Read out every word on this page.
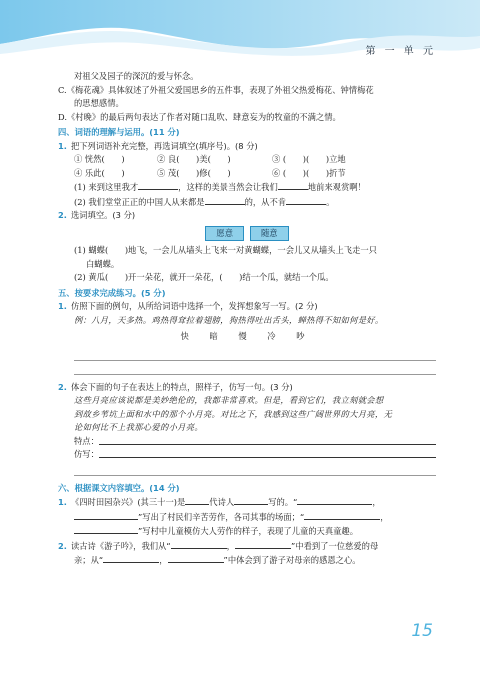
第 一 单 元
对祖父及园子的深沉的爱与怀念。
C.《梅花魂》具体叙述了外祖父爱国思乡的五件事，表现了外祖父热爱梅花、钟情梅花
的思想感情。
D.《村晚》的最后两句表达了作者对随口乱吹、肆意妄为的牧童的不满之情。
四、词语的理解与运用。(11 分)
1. 把下列词语补充完整，再选词填空(填序号)。(8 分)
① 恍然(　　)	② 良(　　)美(　　)	③ (　　)(　　)立地
④ 乐此(　　)	⑤ 茂(　　)修(　　)	⑥ (　　)(　　)折节
(1) 来到这里我才	，这样的美景当然会让我们	地前来观赏啊！
(2) 我们堂堂正正的中国人从来都是	的，从不肯	。
2. 选词填空。(3 分)
愿意	随意
(1) 蝴蝶(　　)地飞，一会儿从墙头上飞来一对黄蝴蝶，一会儿又从墙头上飞走一只
白蝴蝶。
(2) 黄瓜(　　)开一朵花，就开一朵花，(　　)结一个瓜，就结一个瓜。
五、按要求完成练习。(5 分)
1. 仿照下面的例句，从所给词语中选择一个，发挥想象写一写。(2 分)
例：八月，天多热。鸡热得耷拉着翅膀，狗热得吐出舌头，蝉热得不知如何是好。
快 暗 慢 冷 吵
2. 体会下面的句子在表达上的特点，照样子，仿写一句。(3 分)
这些月亮应该说都是美妙绝伦的，我都非常喜欢。但是，看到它们，我立刻就会想
到故乡苇坑上面和水中的那个小月亮。对比之下，我感到这些广阔世界的大月亮，无
论如何比不上我那心爱的小月亮。
特点：
仿写：
六、根据课文内容填空。(14 分)
1. 《四时田园杂兴》(其三十一)是	代诗人	写的。“	，
”写出了村民们辛苦劳作，各司其事的场面；“	，
”写村中儿童模仿大人劳作的样子，表现了儿童的天真童趣。
2. 读古诗《游子吟》，我们从“	，	”中看到了一位慈爱的母
亲；从“	，	”中体会到了游子对母亲的感恩之心。
15
